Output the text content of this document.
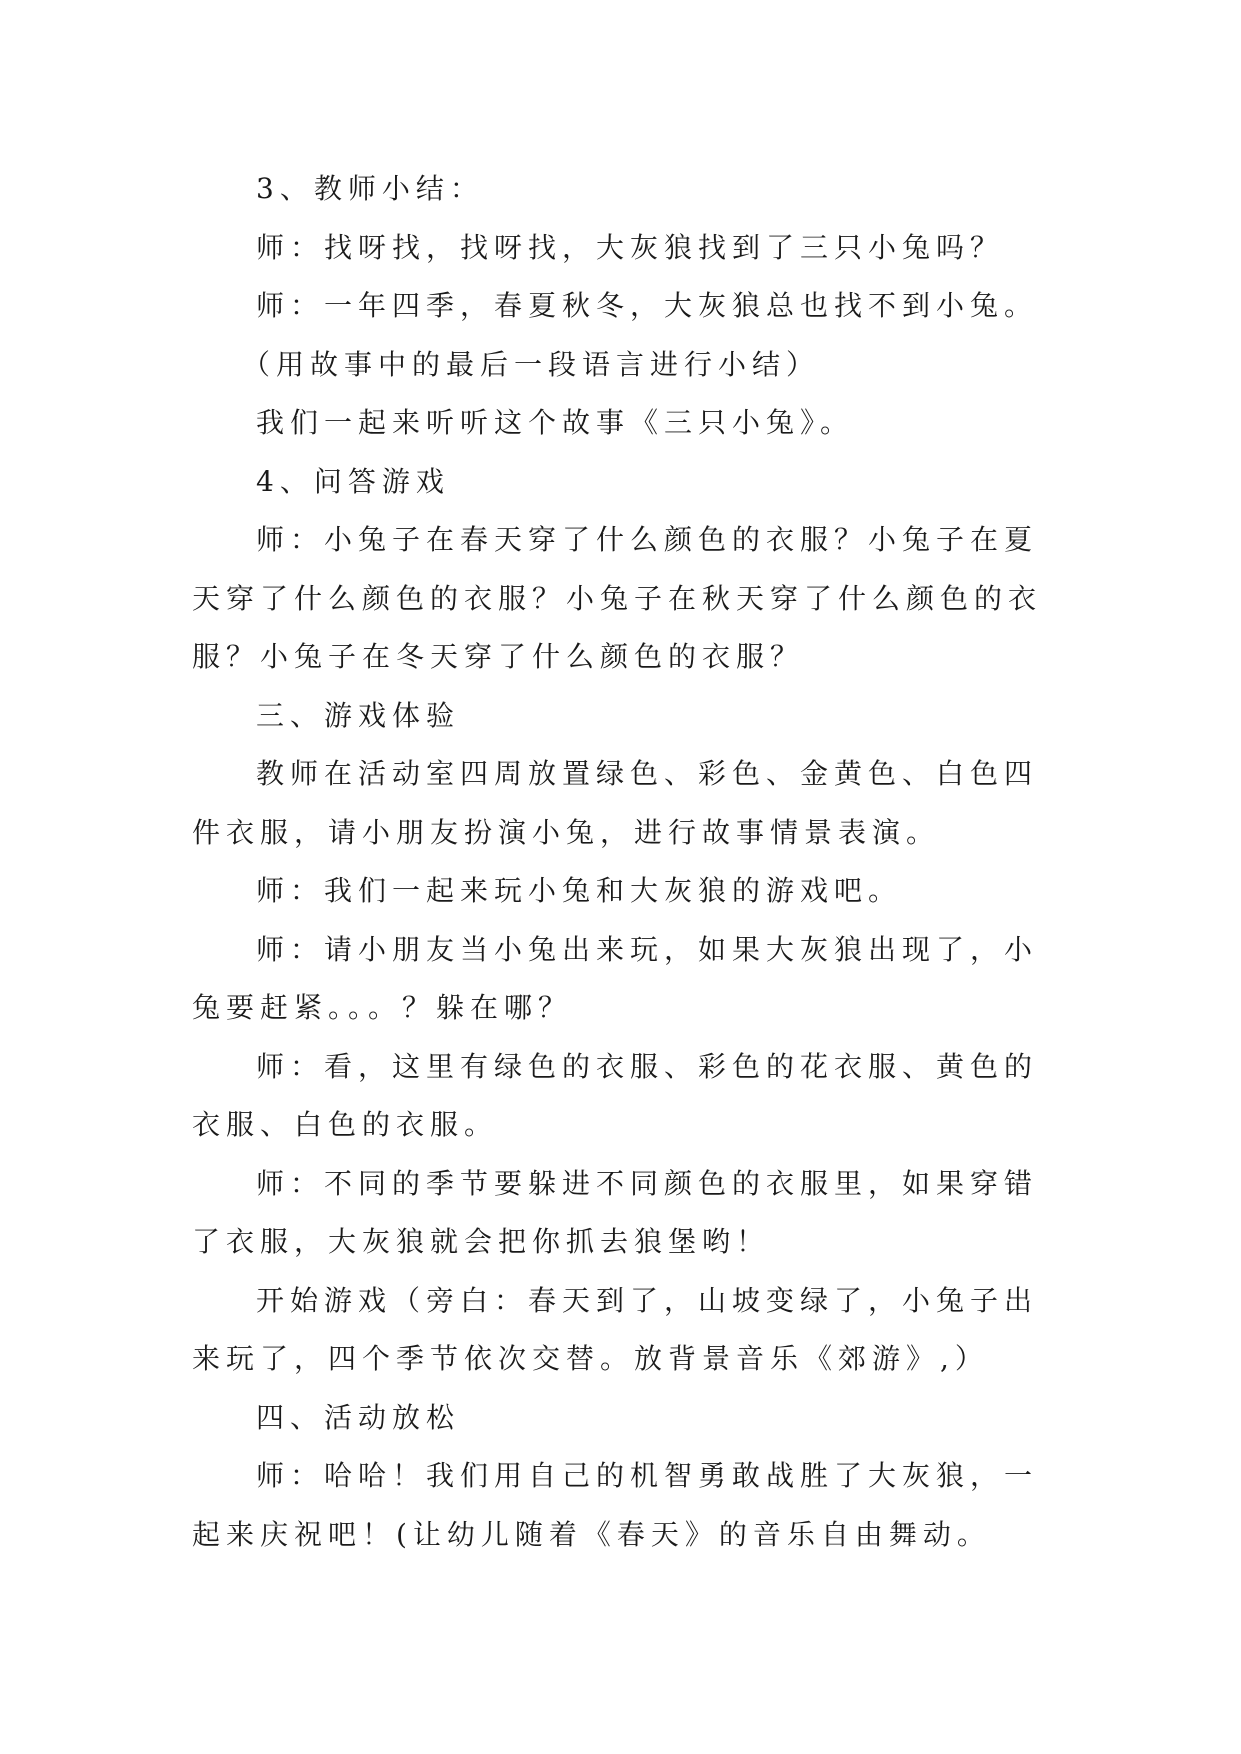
3、教师小结：

师：找呀找，找呀找，大灰狼找到了三只小兔吗？

师：一年四季，春夏秋冬，大灰狼总也找不到小兔。

（用故事中的最后一段语言进行小结）

我们一起来听听这个故事《三只小兔》。

4、问答游戏

师：小兔子在春天穿了什么颜色的衣服？小兔子在夏天穿了什么颜色的衣服？小兔子在秋天穿了什么颜色的衣服？小兔子在冬天穿了什么颜色的衣服？

三、游戏体验

教师在活动室四周放置绿色、彩色、金黄色、白色四件衣服，请小朋友扮演小兔，进行故事情景表演。

师：我们一起来玩小兔和大灰狼的游戏吧。

师：请小朋友当小兔出来玩，如果大灰狼出现了，小兔要赶紧。。。？躲在哪？

师：看，这里有绿色的衣服、彩色的花衣服、黄色的衣服、白色的衣服。

师：不同的季节要躲进不同颜色的衣服里，如果穿错了衣服，大灰狼就会把你抓去狼堡哟！

开始游戏（旁白：春天到了，山坡变绿了，小兔子出来玩了，四个季节依次交替。放背景音乐《郊游》,）

四、活动放松

师：哈哈！我们用自己的机智勇敢战胜了大灰狼，一起来庆祝吧！(让幼儿随着《春天》的音乐自由舞动。
